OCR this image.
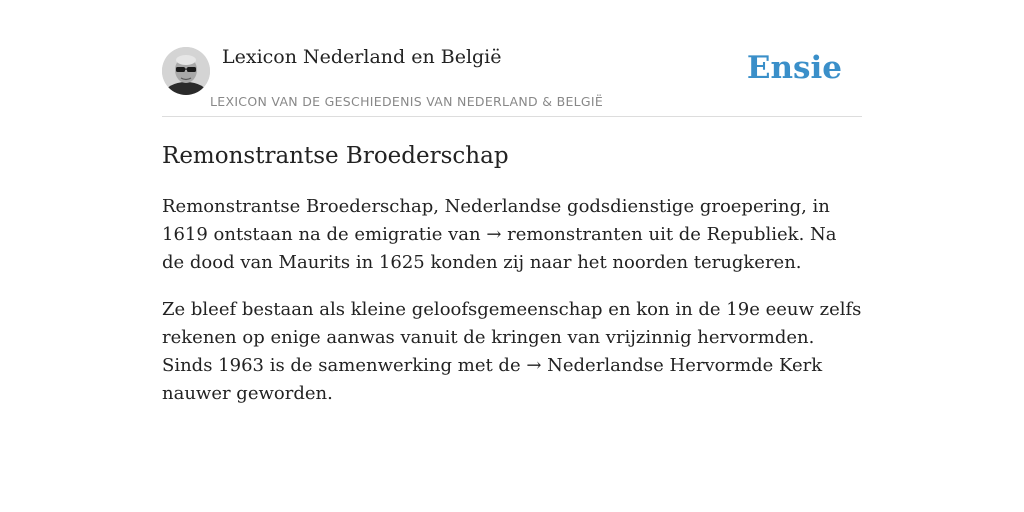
Lexicon Nederland en België
LEXICON VAN DE GESCHIEDENIS VAN NEDERLAND & BELGIË
Ensie
Remonstrantse Broederschap

Remonstrantse Broederschap, Nederlandse godsdienstige groepering, in 1619 ontstaan na de emigratie van → remonstranten uit de Republiek. Na de dood van Maurits in 1625 konden zij naar het noorden terugkeren.

Ze bleef bestaan als kleine geloofsgemeenschap en kon in de 19e eeuw zelfs rekenen op enige aanwas vanuit de kringen van vrijzinnig hervormden. Sinds 1963 is de samenwerking met de → Nederlandse Hervormde Kerk nauwer geworden.
